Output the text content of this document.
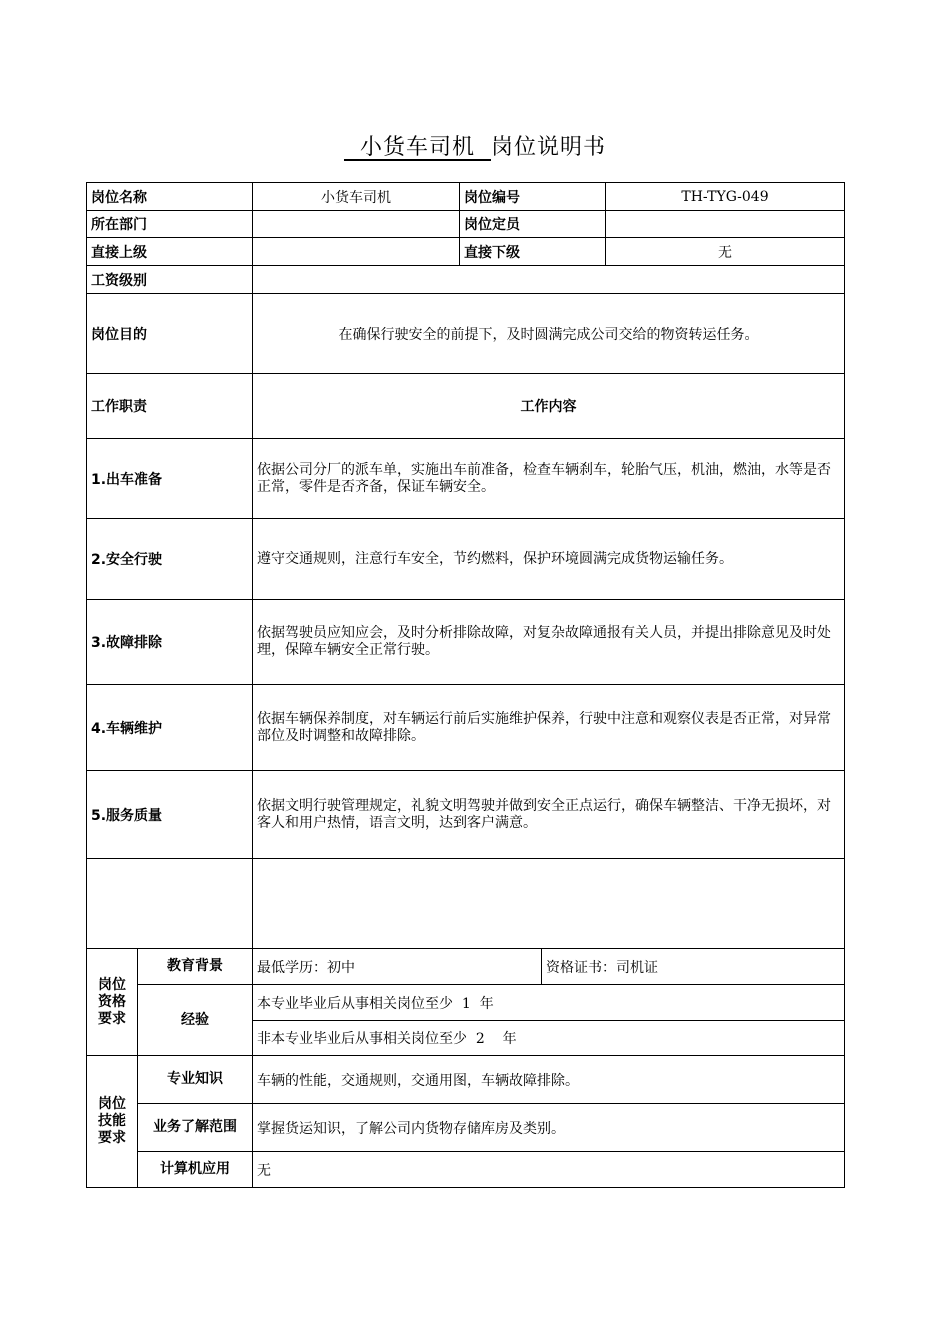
小货车司机 岗位说明书
岗位名称		小货车司机	岗位编号		TH-TYG-049
所在部门			岗位定员		
直接上级			直接下级		无
工资级别					
岗位目的		在确保行驶安全的前提下，及时圆满完成公司交给的物资转运任务。			
工作职责		工作内容			
1.出车准备		依据公司分厂的派车单，实施出车前准备，检查车辆刹车，轮胎气压，机油，燃油，水等是否正常，零件是否齐备，保证车辆安全。			
2.安全行驶		遵守交通规则，注意行车安全，节约燃料，保护环境圆满完成货物运输任务。			
3.故障排除		依据驾驶员应知应会，及时分析排除故障，对复杂故障通报有关人员，并提出排除意见及时处理，保障车辆安全正常行驶。			
4.车辆维护		依据车辆保养制度，对车辆运行前后实施维护保养，行驶中注意和观察仪表是否正常，对异常部位及时调整和故障排除。			
5.服务质量		依据文明行驶管理规定，礼貌文明驾驶并做到安全正点运行，确保车辆整洁、干净无损坏，对客人和用户热情，语言文明，达到客户满意。			

岗位资格要求	教育背景	最低学历：初中		资格证书：司机证	
	经验	本专业毕业后从事相关岗位至少  1  年			
		非本专业毕业后从事相关岗位至少  2    年			
岗位技能要求	专业知识	车辆的性能，交通规则，交通用图，车辆故障排除。			
	业务了解范围	掌握货运知识，了解公司内货物存储库房及类别。			
	计算机应用	无			
